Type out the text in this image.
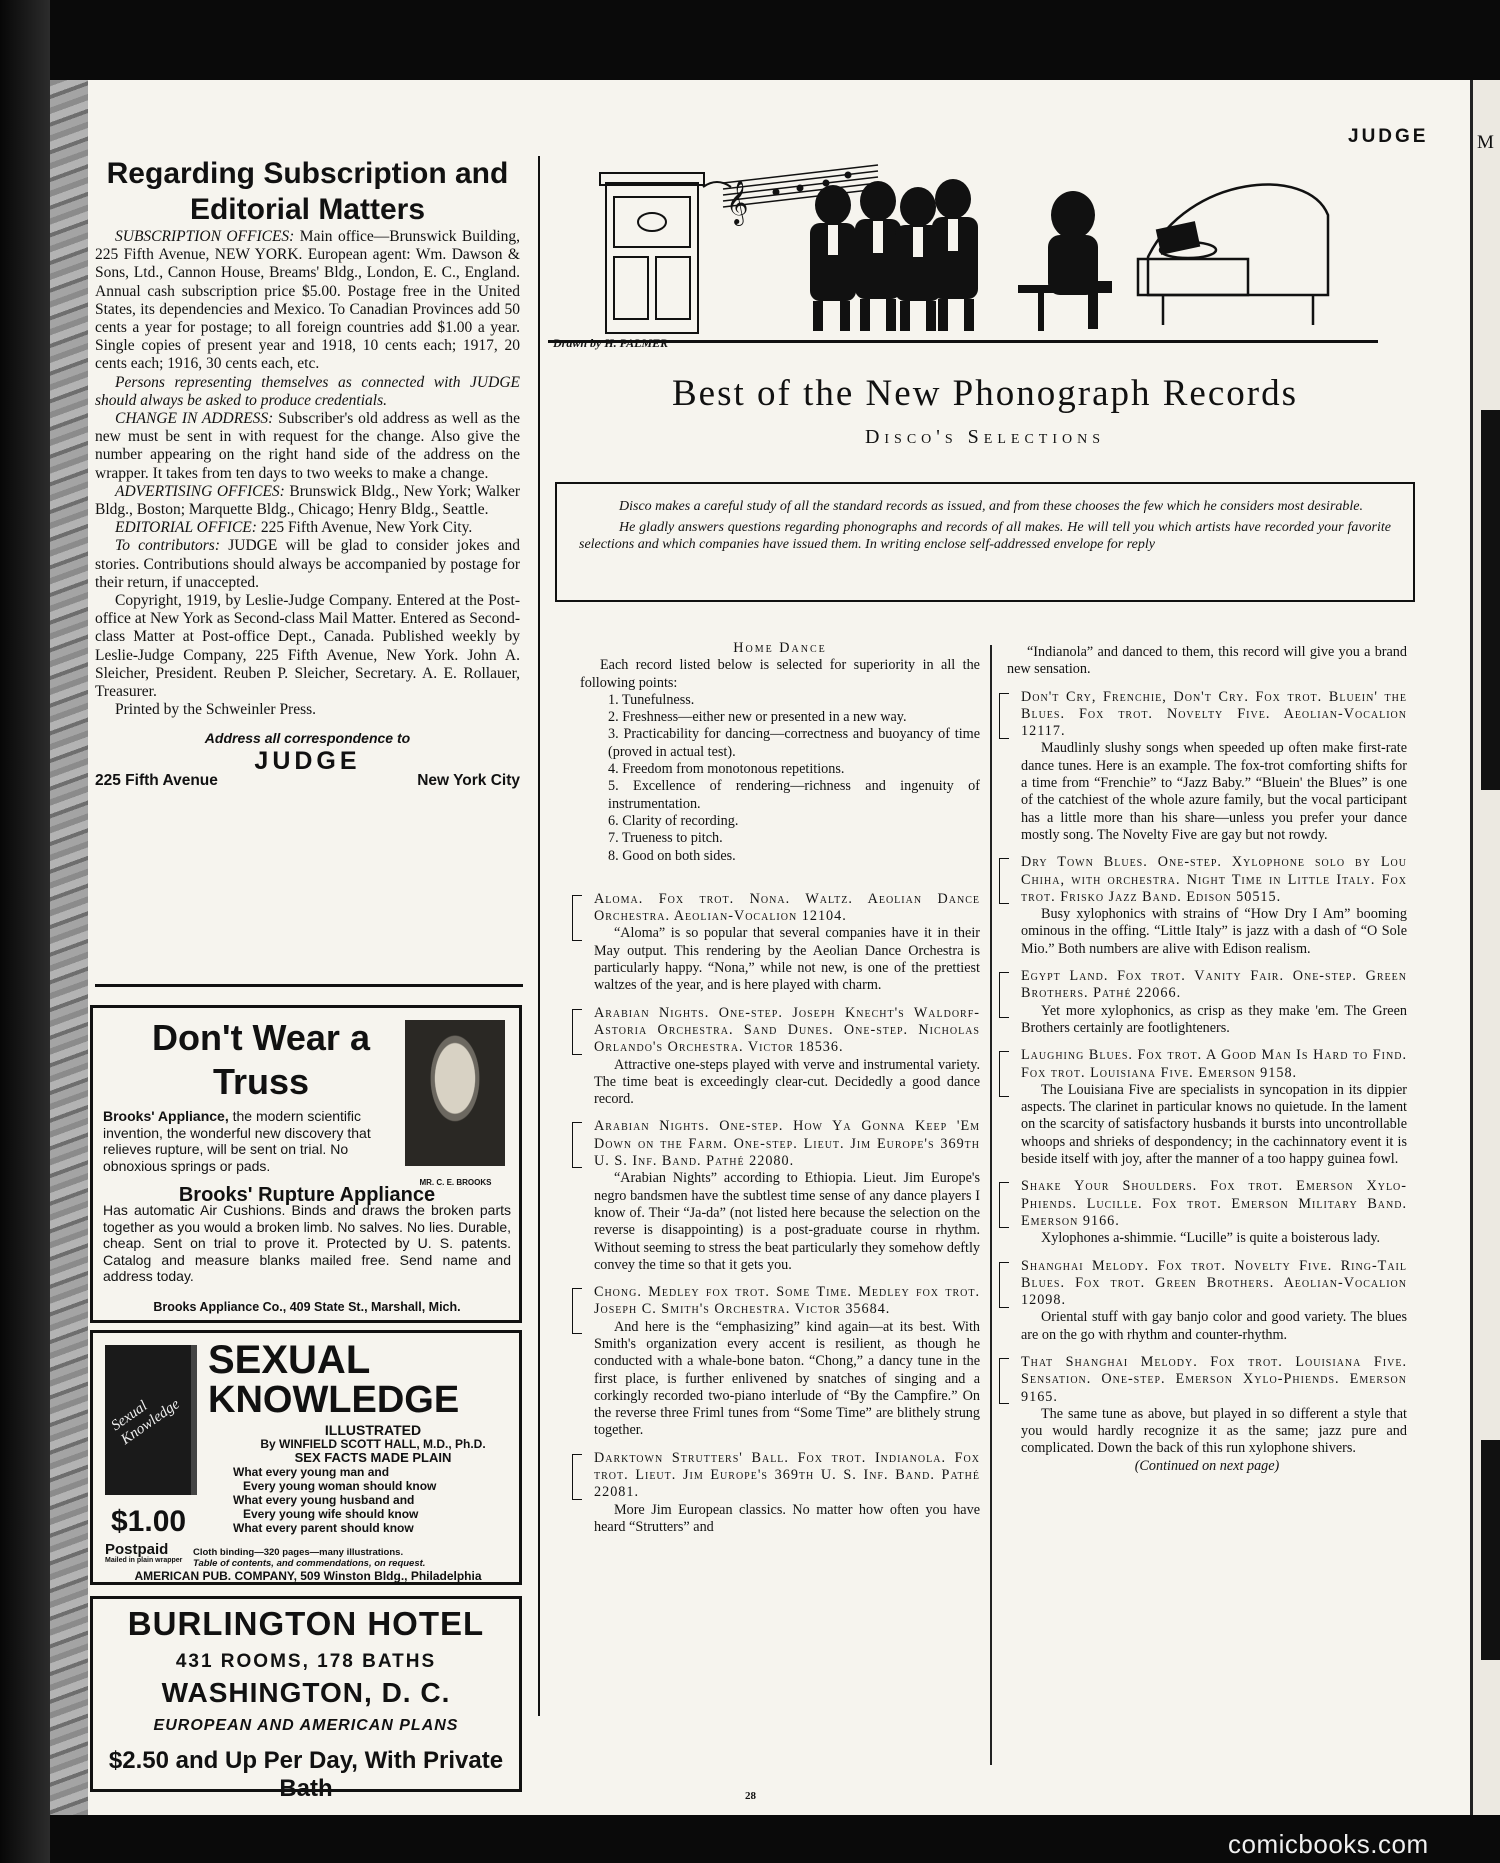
M
JUDGE
Regarding Subscription and Editorial Matters

SUBSCRIPTION OFFICES: Main office—Brunswick Building, 225 Fifth Avenue, NEW YORK. European agent: Wm. Dawson & Sons, Ltd., Cannon House, Breams' Bldg., London, E. C., England. Annual cash subscription price $5.00. Postage free in the United States, its dependencies and Mexico. To Canadian Provinces add 50 cents a year for postage; to all foreign countries add $1.00 a year. Single copies of present year and 1918, 10 cents each; 1917, 20 cents each; 1916, 30 cents each, etc.

Persons representing themselves as connected with JUDGE should always be asked to produce credentials.

CHANGE IN ADDRESS: Subscriber's old address as well as the new must be sent in with request for the change. Also give the number appearing on the right hand side of the address on the wrapper. It takes from ten days to two weeks to make a change.

ADVERTISING OFFICES: Brunswick Bldg., New York; Walker Bldg., Boston; Marquette Bldg., Chicago; Henry Bldg., Seattle.

EDITORIAL OFFICE: 225 Fifth Avenue, New York City.

To contributors: JUDGE will be glad to consider jokes and stories. Contributions should always be accompanied by postage for their return, if unaccepted.

Copyright, 1919, by Leslie-Judge Company. Entered at the Post-office at New York as Second-class Mail Matter. Entered as Second-class Matter at Post-office Dept., Canada. Published weekly by Leslie-Judge Company, 225 Fifth Avenue, New York. John A. Sleicher, President. Reuben P. Sleicher, Secretary. A. E. Rollauer, Treasurer.

Printed by the Schweinler Press.

Address all correspondence to
JUDGE
225 Fifth Avenue	New York City
Don't Wear a Truss
MR. C. E. BROOKS
Brooks' Appliance, the modern scientific invention, the wonderful new discovery that relieves rupture, will be sent on trial. No obnoxious springs or pads.
Brooks' Rupture Appliance
Has automatic Air Cushions. Binds and draws the broken parts together as you would a broken limb. No salves. No lies. Durable, cheap. Sent on trial to prove it. Protected by U. S. patents. Catalog and measure blanks mailed free. Send name and address today.
Brooks Appliance Co., 409 State St., Marshall, Mich.
Sexual Knowledge
SEXUAL
KNOWLEDGE
ILLUSTRATED
By WINFIELD SCOTT HALL, M.D., Ph.D.
SEX FACTS MADE PLAIN
What every young man and
Every young woman should know
What every young husband and
Every young wife should know
What every parent should know
$1.00
Postpaid
Mailed in plain wrapper
Cloth binding—320 pages—many illustrations.
Table of contents, and commendations, on request.
AMERICAN PUB. COMPANY, 509 Winston Bldg., Philadelphia
BURLINGTON HOTEL
431 ROOMS, 178 BATHS
WASHINGTON, D. C.
EUROPEAN AND AMERICAN PLANS
$2.50 and Up Per Day, With Private Bath
𝄞
Drawn by H. PALMER
Best of the New Phonograph Records
Disco's Selections

Disco makes a careful study of all the standard records as issued, and from these chooses the few which he considers most desirable.

He gladly answers questions regarding phonographs and records of all makes. He will tell you which artists have recorded your favorite selections and which companies have issued them. In writing enclose self-addressed envelope for reply

Home Dance

Each record listed below is selected for superiority in all the following points:

1. Tunefulness.

2. Freshness—either new or presented in a new way.

3. Practicability for dancing—correctness and buoyancy of time (proved in actual test).

4. Freedom from monotonous repetitions.

5. Excellence of rendering—richness and ingenuity of instrumentation.

6. Clarity of recording.

7. Trueness to pitch.

8. Good on both sides.

Aloma. Fox trot. Nona. Waltz. Aeolian Dance Orchestra. Aeolian-Vocalion 12104.

“Aloma” is so popular that several companies have it in their May output. This rendering by the Aeolian Dance Orchestra is particularly happy. “Nona,” while not new, is one of the prettiest waltzes of the year, and is here played with charm.

Arabian Nights. One-step. Joseph Knecht's Waldorf-Astoria Orchestra. Sand Dunes. One-step. Nicholas Orlando's Orchestra. Victor 18536.

Attractive one-steps played with verve and instrumental variety. The time beat is exceedingly clear-cut. Decidedly a good dance record.

Arabian Nights. One-step. How Ya Gonna Keep 'Em Down on the Farm. One-step. Lieut. Jim Europe's 369th U. S. Inf. Band. Pathé 22080.

“Arabian Nights” according to Ethiopia. Lieut. Jim Europe's negro bandsmen have the subtlest time sense of any dance players I know of. Their “Ja-da” (not listed here because the selection on the reverse is disappointing) is a post-graduate course in rhythm. Without seeming to stress the beat particularly they somehow deftly convey the time so that it gets you.

Chong. Medley fox trot. Some Time. Medley fox trot. Joseph C. Smith's Orchestra. Victor 35684.

And here is the “emphasizing” kind again—at its best. With Smith's organization every accent is resilient, as though he conducted with a whale-bone baton. “Chong,” a dancy tune in the first place, is further enlivened by snatches of singing and a corkingly recorded two-piano interlude of “By the Campfire.” On the reverse three Friml tunes from “Some Time” are blithely strung together.

Darktown Strutters' Ball. Fox trot. Indianola. Fox trot. Lieut. Jim Europe's 369th U. S. Inf. Band. Pathé 22081.

More Jim European classics. No matter how often you have heard “Strutters” and

“Indianola” and danced to them, this record will give you a brand new sensation.

Don't Cry, Frenchie, Don't Cry. Fox trot. Bluein' the Blues. Fox trot. Novelty Five. Aeolian-Vocalion 12117.

Maudlinly slushy songs when speeded up often make first-rate dance tunes. Here is an example. The fox-trot comforting shifts for a time from “Frenchie” to “Jazz Baby.” “Bluein' the Blues” is one of the catchiest of the whole azure family, but the vocal participant has a little more than his share—unless you prefer your dance mostly song. The Novelty Five are gay but not rowdy.

Dry Town Blues. One-step. Xylophone solo by Lou Chiha, with orchestra. Night Time in Little Italy. Fox trot. Frisko Jazz Band. Edison 50515.

Busy xylophonics with strains of “How Dry I Am” booming ominous in the offing. “Little Italy” is jazz with a dash of “O Sole Mio.” Both numbers are alive with Edison realism.

Egypt Land. Fox trot. Vanity Fair. One-step. Green Brothers. Pathé 22066.

Yet more xylophonics, as crisp as they make 'em. The Green Brothers certainly are footlighteners.

Laughing Blues. Fox trot. A Good Man Is Hard to Find. Fox trot. Louisiana Five. Emerson 9158.

The Louisiana Five are specialists in syncopation in its dippier aspects. The clarinet in particular knows no quietude. In the lament on the scarcity of satisfactory husbands it bursts into uncontrollable whoops and shrieks of despondency; in the cachinnatory event it is beside itself with joy, after the manner of a too happy guinea fowl.

Shake Your Shoulders. Fox trot. Emerson Xylo-Phiends. Lucille. Fox trot. Emerson Military Band. Emerson 9166.

Xylophones a-shimmie. “Lucille” is quite a boisterous lady.

Shanghai Melody. Fox trot. Novelty Five. Ring-Tail Blues. Fox trot. Green Brothers. Aeolian-Vocalion 12098.

Oriental stuff with gay banjo color and good variety. The blues are on the go with rhythm and counter-rhythm.

That Shanghai Melody. Fox trot. Louisiana Five. Sensation. One-step. Emerson Xylo-Phiends. Emerson 9165.

The same tune as above, but played in so different a style that you would hardly recognize it as the same; jazz pure and complicated. Down the back of this run xylophone shivers.

(Continued on next page)

28
comicbooks.com
